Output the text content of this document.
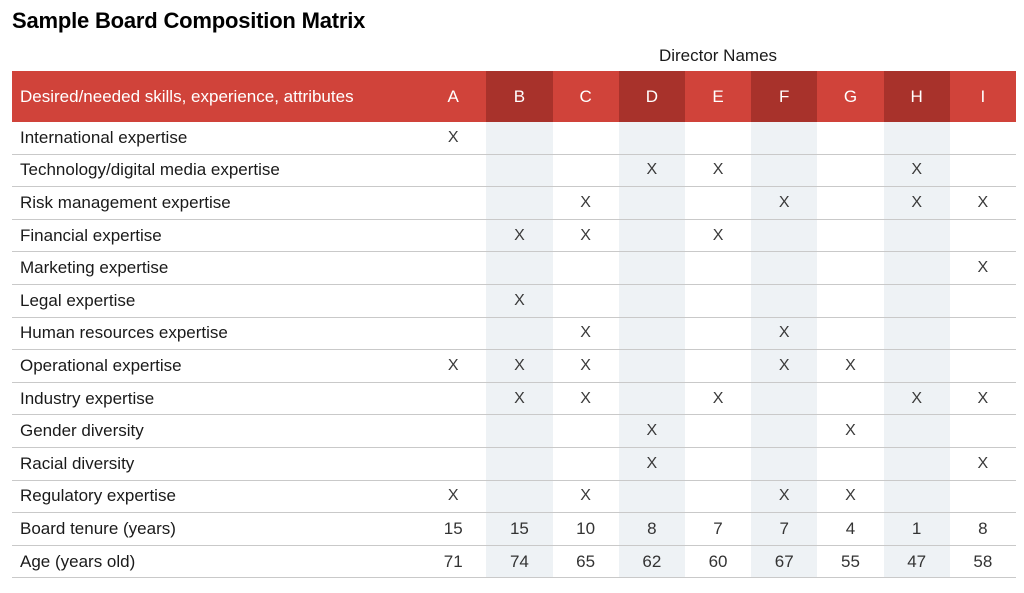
Sample Board Composition Matrix
Director Names
Desired/needed skills, experience, attributes	A	B	C	D	E	F	G	H	I
International expertise	X								
Technology/digital media expertise				X	X			X	
Risk management expertise			X			X		X	X
Financial expertise		X	X		X				
Marketing expertise									X
Legal expertise		X							
Human resources expertise			X			X			
Operational expertise	X	X	X			X	X		
Industry expertise		X	X		X			X	X
Gender diversity				X			X		
Racial diversity				X					X
Regulatory expertise	X		X			X	X		
Board tenure (years)	15	15	10	8	7	7	4	1	8
Age (years old)	71	74	65	62	60	67	55	47	58
